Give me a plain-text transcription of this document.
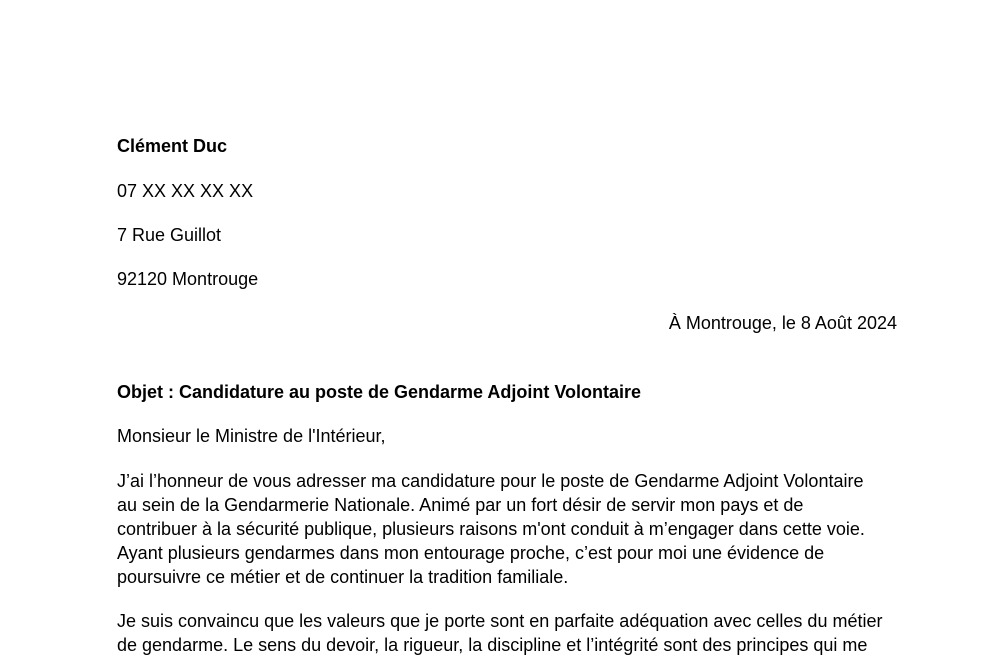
Clément Duc
07 XX XX XX XX
7 Rue Guillot
92120 Montrouge
À Montrouge, le 8 Août 2024
Objet : Candidature au poste de Gendarme Adjoint Volontaire
Monsieur le Ministre de l'Intérieur,
J’ai l’honneur de vous adresser ma candidature pour le poste de Gendarme Adjoint Volontaire
au sein de la Gendarmerie Nationale. Animé par un fort désir de servir mon pays et de
contribuer à la sécurité publique, plusieurs raisons m'ont conduit à m’engager dans cette voie.
Ayant plusieurs gendarmes dans mon entourage proche, c’est pour moi une évidence de
poursuivre ce métier et de continuer la tradition familiale.
Je suis convaincu que les valeurs que je porte sont en parfaite adéquation avec celles du métier
de gendarme. Le sens du devoir, la rigueur, la discipline et l’intégrité sont des principes qui me
